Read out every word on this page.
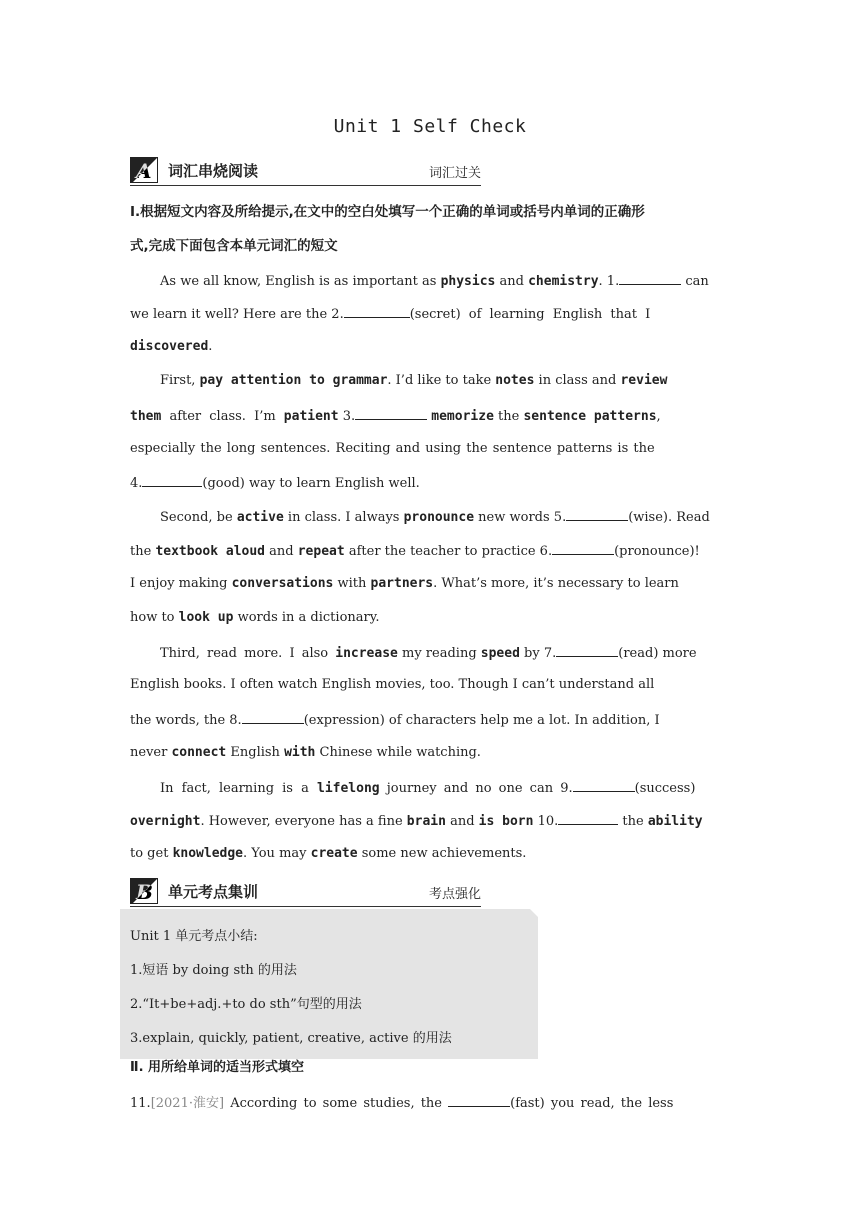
Unit 1 Self Check
A 词汇串烧阅读	词汇过关
Ⅰ.根据短文内容及所给提示,在文中的空白处填写一个正确的单词或括号内单词的正确形
式,完成下面包含本单元词汇的短文
As we all know, English is as important as physics and chemistry. 1.	can
we learn it well? Here are the 2.	(secret) of learning English that I
discovered.
First, pay attention to grammar. I’d like to take notes in class and review
them after class. I’m patient 3.	memorize the sentence patterns,
especially the long sentences. Reciting and using the sentence patterns is the
4.	(good) way to learn English well.
Second, be active in class. I always pronounce new words 5.	(wise). Read
the textbook aloud and repeat after the teacher to practice 6.	(pronounce)!
I enjoy making conversations with partners. What’s more, it’s necessary to learn
how to look up words in a dictionary.
Third, read more. I also increase my reading speed by 7.	(read) more
English books. I often watch English movies, too. Though I can’t understand all
the words, the 8.	(expression) of characters help me a lot. In addition, I
never connect English with Chinese while watching.
In fact, learning is a lifelong journey and no one can 9.	(success)
overnight. However, everyone has a fine brain and is born 10.	the ability
to get knowledge. You may create some new achievements.
B 单元考点集训	考点强化
Unit 1 单元考点小结:
1.短语 by doing sth 的用法
2.“It+be+adj.+to do sth”句型的用法
3.explain, quickly, patient, creative, active 的用法
Ⅱ. 用所给单词的适当形式填空
11.[2021·淮安] According to some studies, the	(fast) you read, the less
